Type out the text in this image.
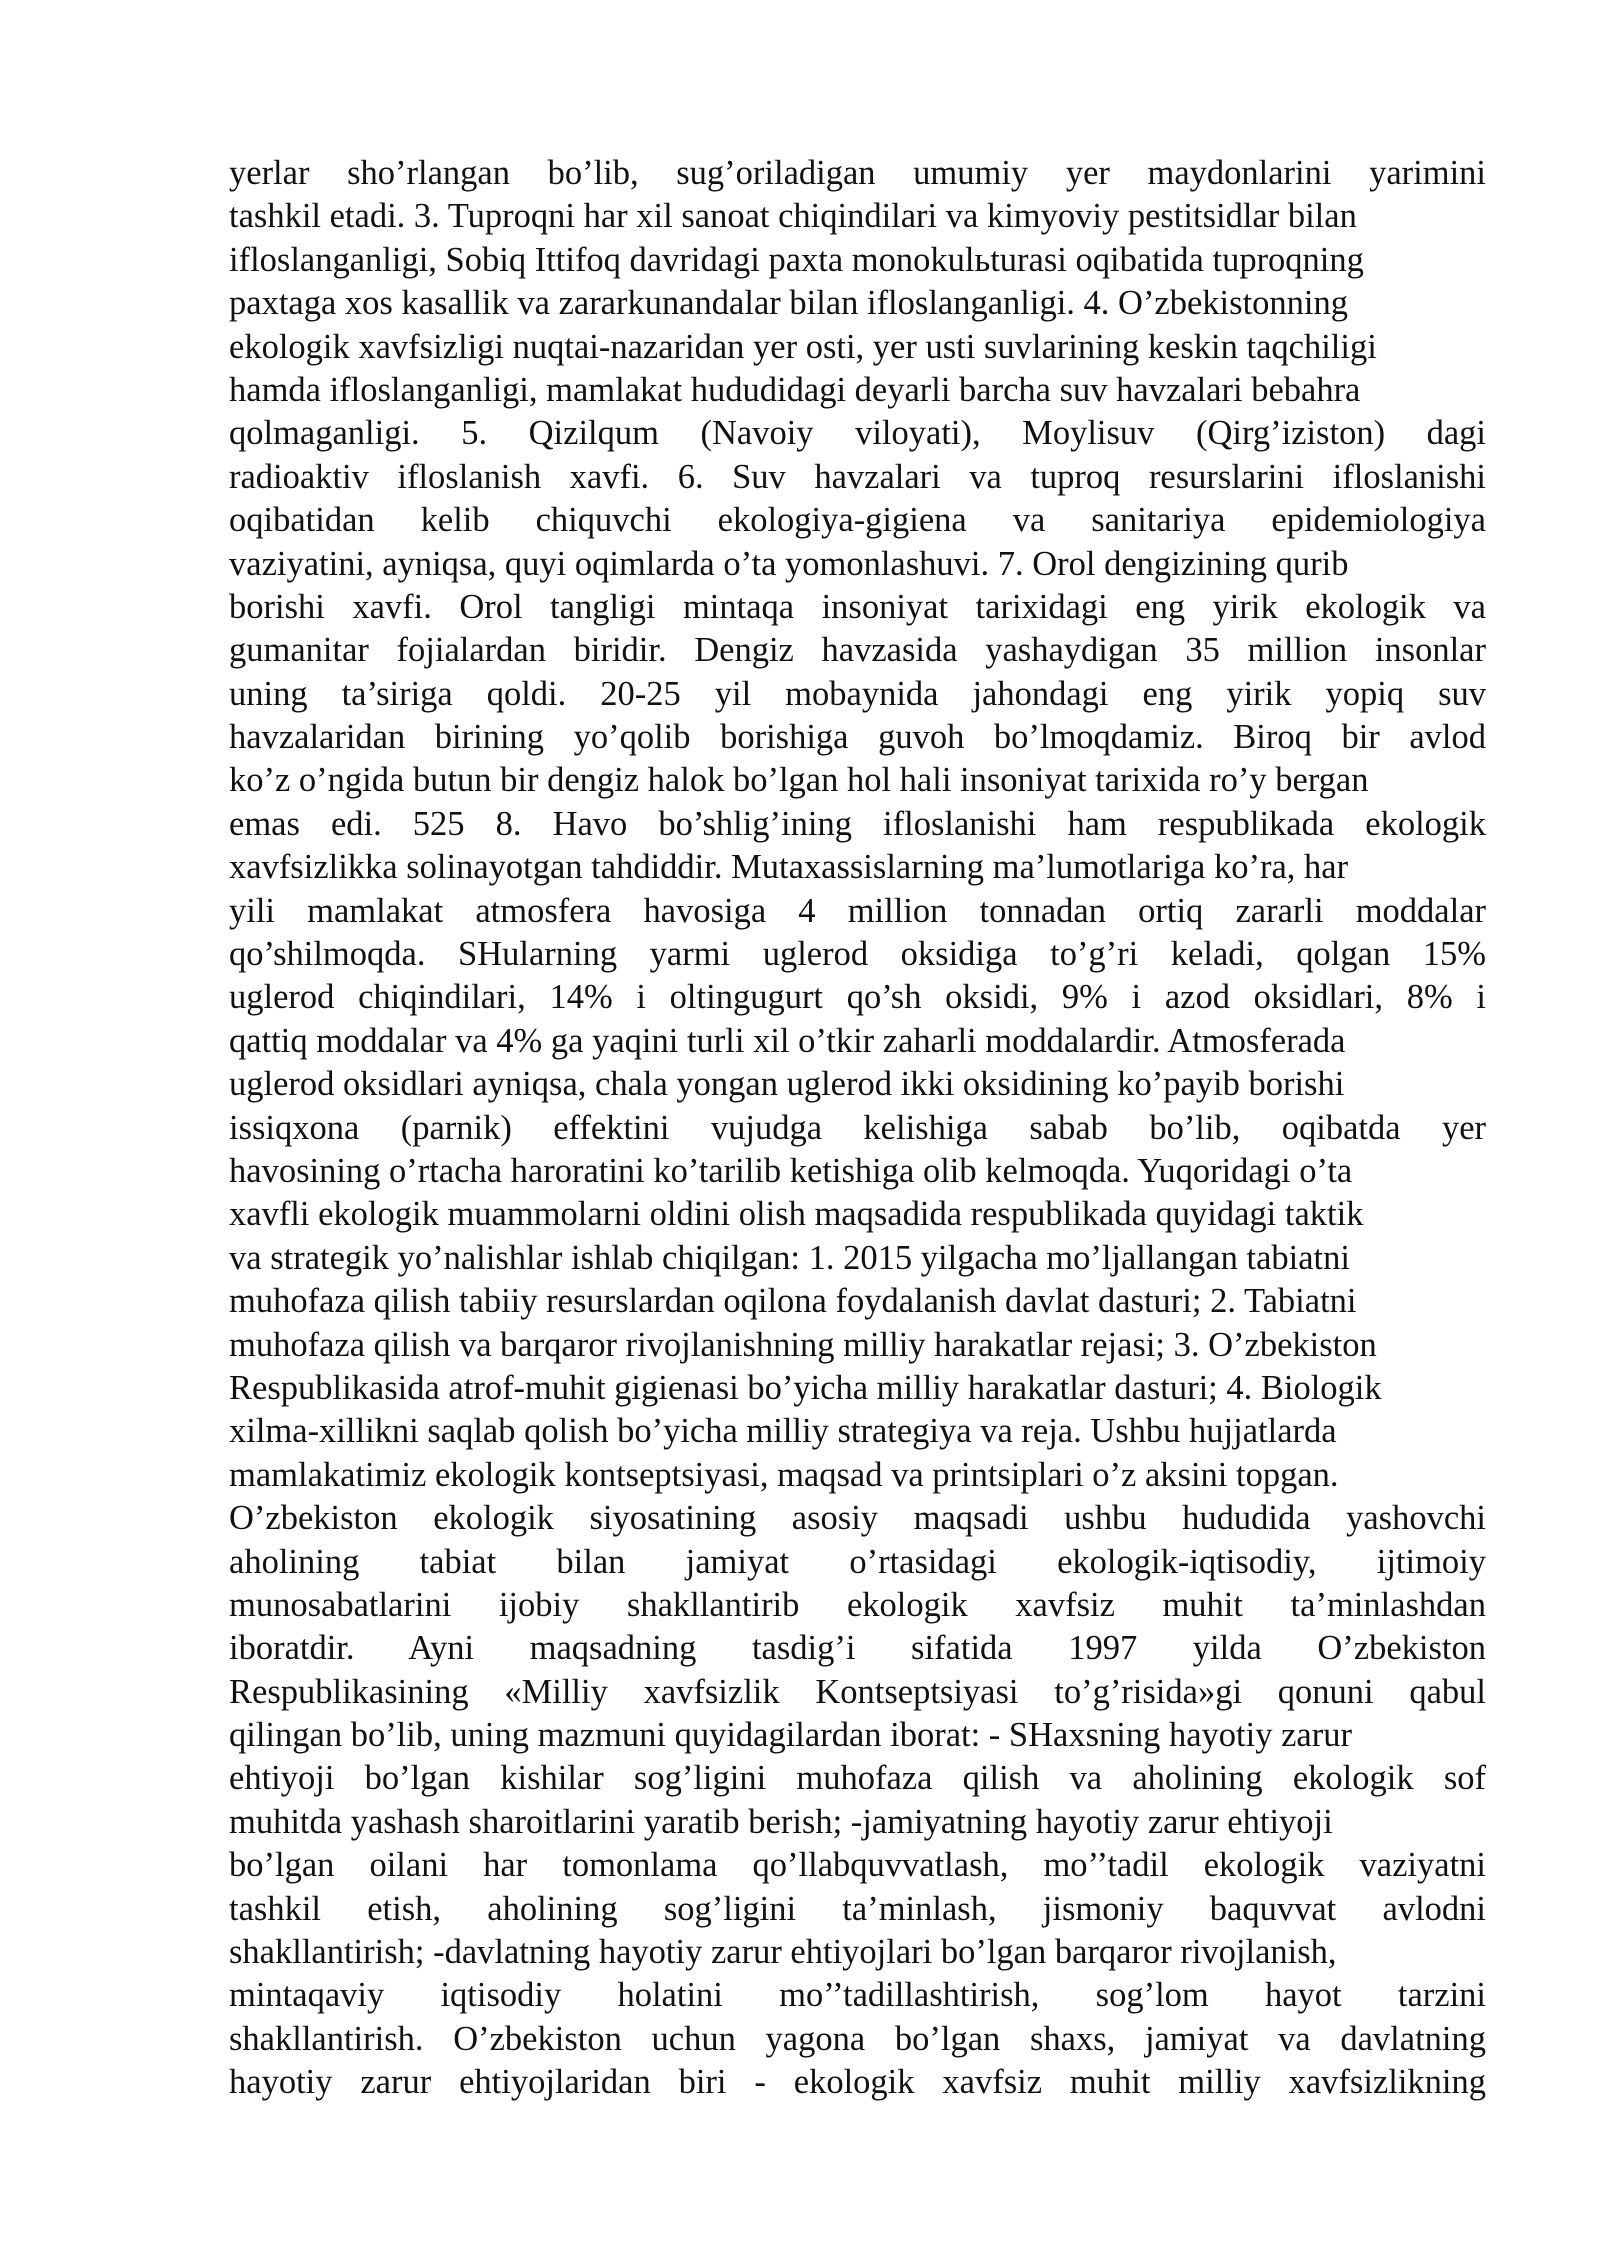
yerlar sho’rlangan bo’lib, sug’oriladigan umumiy yer maydonlarini yarimini
tashkil etadi. 3. Tuproqni har xil sanoat chiqindilari va kimyoviy pestitsidlar bilan
ifloslanganligi, Sobiq Ittifoq davridagi paxta monokulьturasi oqibatida tuproqning
paxtaga xos kasallik va zararkunandalar bilan ifloslanganligi. 4. O’zbekistonning
ekologik xavfsizligi nuqtai-nazaridan yer osti, yer usti suvlarining keskin taqchiligi
hamda ifloslanganligi, mamlakat hududidagi deyarli barcha suv havzalari bebahra
qolmaganligi. 5. Qizilqum (Navoiy viloyati), Moylisuv (Qirg’iziston) dagi
radioaktiv ifloslanish xavfi. 6. Suv havzalari va tuproq resurslarini ifloslanishi
oqibatidan kelib chiquvchi ekologiya-gigiena va sanitariya epidemiologiya
vaziyatini, ayniqsa, quyi oqimlarda o’ta yomonlashuvi. 7. Orol dengizining qurib
borishi xavfi. Orol tangligi mintaqa insoniyat tarixidagi eng yirik ekologik va
gumanitar fojialardan biridir. Dengiz havzasida yashaydigan 35 million insonlar
uning ta’siriga qoldi. 20-25 yil mobaynida jahondagi eng yirik yopiq suv
havzalaridan birining yo’qolib borishiga guvoh bo’lmoqdamiz. Biroq bir avlod
ko’z o’ngida butun bir dengiz halok bo’lgan hol hali insoniyat tarixida ro’y bergan
emas edi. 525 8. Havo bo’shlig’ining ifloslanishi ham respublikada ekologik
xavfsizlikka solinayotgan tahdiddir. Mutaxassislarning ma’lumotlariga ko’ra, har
yili mamlakat atmosfera havosiga 4 million tonnadan ortiq zararli moddalar
qo’shilmoqda. SHularning yarmi uglerod oksidiga to’g’ri keladi, qolgan 15%
uglerod chiqindilari, 14% i oltingugurt qo’sh oksidi, 9% i azod oksidlari, 8% i
qattiq moddalar va 4% ga yaqini turli xil o’tkir zaharli moddalardir. Atmosferada
uglerod oksidlari ayniqsa, chala yongan uglerod ikki oksidining ko’payib borishi
issiqxona (parnik) effektini vujudga kelishiga sabab bo’lib, oqibatda yer
havosining o’rtacha haroratini ko’tarilib ketishiga olib kelmoqda. Yuqoridagi o’ta
xavfli ekologik muammolarni oldini olish maqsadida respublikada quyidagi taktik
va strategik yo’nalishlar ishlab chiqilgan: 1. 2015 yilgacha mo’ljallangan tabiatni
muhofaza qilish tabiiy resurslardan oqilona foydalanish davlat dasturi; 2. Tabiatni
muhofaza qilish va barqaror rivojlanishning milliy harakatlar rejasi; 3. O’zbekiston
Respublikasida atrof-muhit gigienasi bo’yicha milliy harakatlar dasturi; 4. Biologik
xilma-xillikni saqlab qolish bo’yicha milliy strategiya va reja. Ushbu hujjatlarda
mamlakatimiz ekologik kontseptsiyasi, maqsad va printsiplari o’z aksini topgan.
O’zbekiston ekologik siyosatining asosiy maqsadi ushbu hududida yashovchi
aholining tabiat bilan jamiyat o’rtasidagi ekologik-iqtisodiy, ijtimoiy
munosabatlarini ijobiy shakllantirib ekologik xavfsiz muhit ta’minlashdan
iboratdir. Ayni maqsadning tasdig’i sifatida 1997 yilda O’zbekiston
Respublikasining «Milliy xavfsizlik Kontseptsiyasi to’g’risida»gi qonuni qabul
qilingan bo’lib, uning mazmuni quyidagilardan iborat: - SHaxsning hayotiy zarur
ehtiyoji bo’lgan kishilar sog’ligini muhofaza qilish va aholining ekologik sof
muhitda yashash sharoitlarini yaratib berish; -jamiyatning hayotiy zarur ehtiyoji
bo’lgan oilani har tomonlama qo’llabquvvatlash, mo’’tadil ekologik vaziyatni
tashkil etish, aholining sog’ligini ta’minlash, jismoniy baquvvat avlodni
shakllantirish; -davlatning hayotiy zarur ehtiyojlari bo’lgan barqaror rivojlanish,
mintaqaviy iqtisodiy holatini mo’’tadillashtirish, sog’lom hayot tarzini
shakllantirish. O’zbekiston uchun yagona bo’lgan shaxs, jamiyat va davlatning
hayotiy zarur ehtiyojlaridan biri - ekologik xavfsiz muhit milliy xavfsizlikning
